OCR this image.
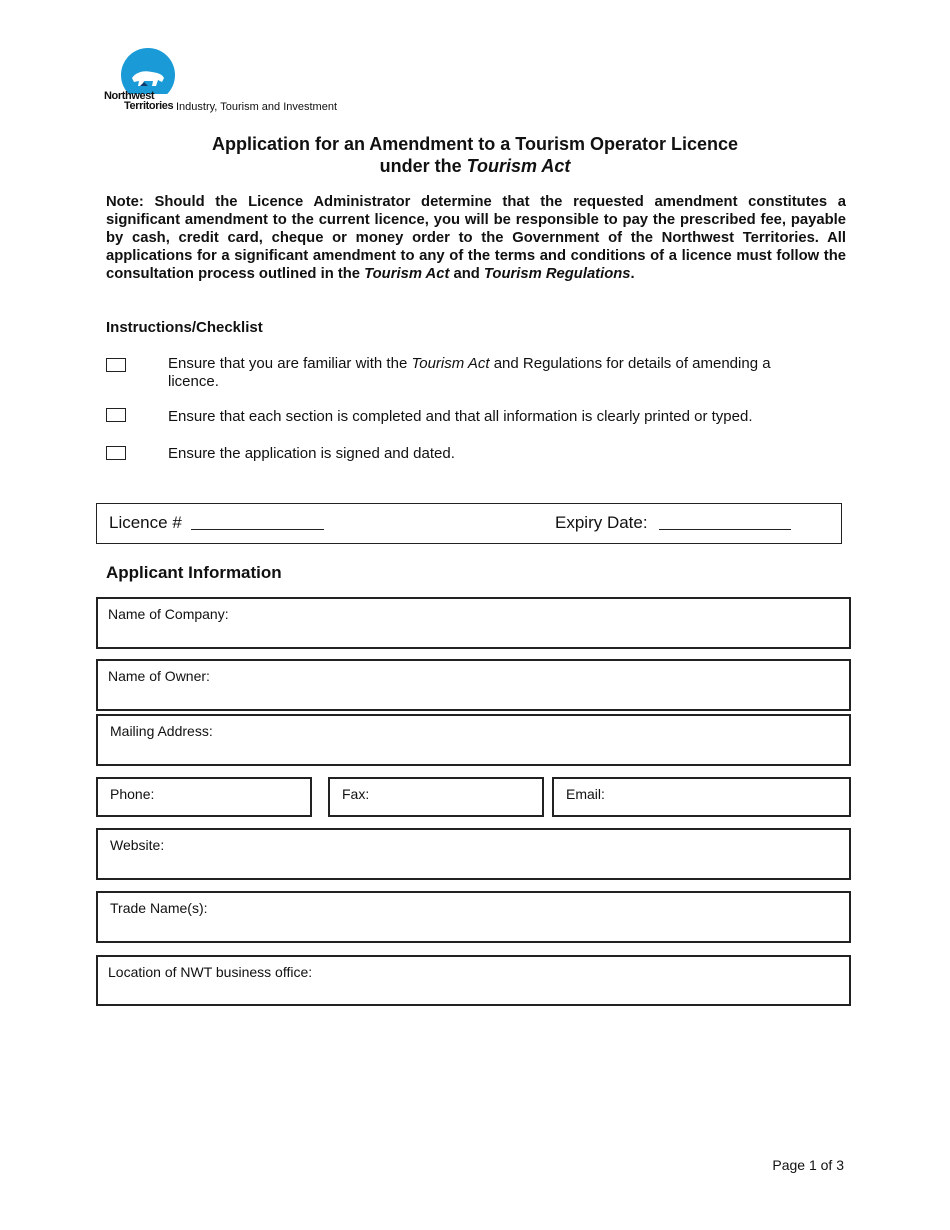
Northwest
Territories Industry, Tourism and Investment
Application for an Amendment to a Tourism Operator Licence
under the Tourism Act
Note: Should the Licence Administrator determine that the requested amendment constitutes a significant amendment to the current licence, you will be responsible to pay the prescribed fee, payable by cash, credit card, cheque or money order to the Government of the Northwest Territories. All applications for a significant amendment to any of the terms and conditions of a licence must follow the consultation process outlined in the Tourism Act and Tourism Regulations.
Instructions/Checklist
Ensure that you are familiar with the Tourism Act and Regulations for details of amending a licence.
Ensure that each section is completed and that all information is clearly printed or typed.
Ensure the application is signed and dated.
Licence #	Expiry Date:
Applicant Information
Name of Company:
Name of Owner:
Mailing Address:
Phone:	Fax:	Email:
Website:
Trade Name(s):
Location of NWT business office:
Page 1 of 3
